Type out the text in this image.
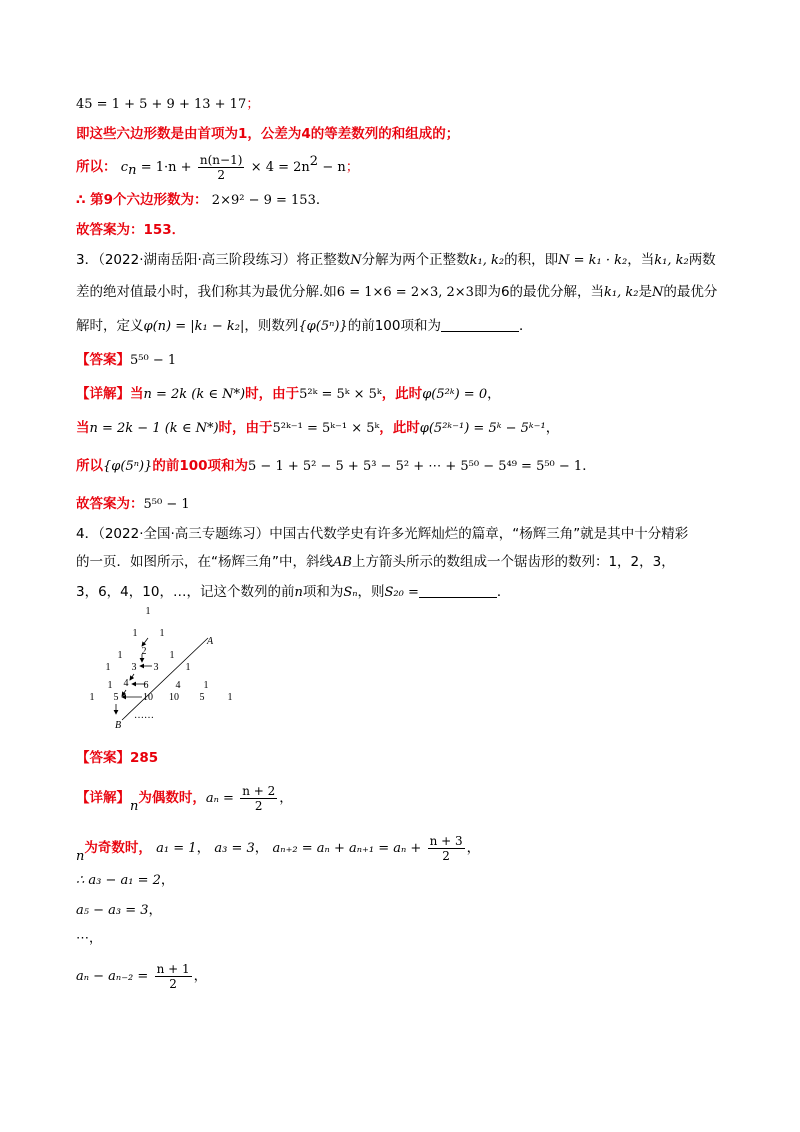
45 = 1 + 5 + 9 + 13 + 17；
即这些六边形数是由首项为1，公差为4的等差数列的和组成的；
所以： $c_n = 1\cdot n + \frac{n(n-1)}{2} \times 4 = 2n^2 - n$；
∴ 第9个六边形数为： 2×9² − 9 = 153．
故答案为：153．
3．（2022·湖南岳阳·高三阶段练习）将正整数N分解为两个正整数k₁, k₂的积，即N = k₁ · k₂，当k₁, k₂两数
差的绝对值最小时，我们称其为最优分解.如6 = 1×6 = 2×3, 2×3即为6的最优分解，当k₁, k₂是N的最优分
解时，定义φ(n) = |k₁ − k₂|，则数列{φ(5ⁿ)}的前100项和为	．
【答案】5⁵⁰ − 1
【详解】当n = 2k (k ∈ N*)时，由于5²ᵏ = 5ᵏ × 5ᵏ，此时φ(5²ᵏ) = 0，
当n = 2k − 1 (k ∈ N*)时，由于5²ᵏ⁻¹ = 5ᵏ⁻¹ × 5ᵏ，此时φ(5²ᵏ⁻¹) = 5ᵏ − 5ᵏ⁻¹，
所以{φ(5ⁿ)}的前100项和为5 − 1 + 5² − 5 + 5³ − 5² + ⋯ + 5⁵⁰ − 5⁴⁹ = 5⁵⁰ − 1．
故答案为：5⁵⁰ − 1
4．（2022·全国·高三专题练习）中国古代数学史有许多光辉灿烂的篇章，“杨辉三角”就是其中十分精彩
的一页．如图所示，在“杨辉三角”中，斜线AB上方箭头所示的数组成一个锯齿形的数列：1，2，3，
3，6，4，10，…，记这个数列的前n项和为Sₙ，则S₂₀ =	．
1
1 1
1 2 1
1 3 3	1
1 4 6	4 1
1 5 10 10 5 1
A
B
……
【答案】285
【详解】n为偶数时，$a_n = \frac{n + 2}{2}$ ，
n为奇数时， a₁ = 1， a₃ = 3， $a_{n+2} = a_n + a_{n+1} = a_n + \frac{n + 3}{2}$ ，
∴ a₃ − a₁ = 2，
a₅ − a₃ = 3，
⋯，
$a_n - a_{n-2} = \frac{n + 1}{2}$ ，
